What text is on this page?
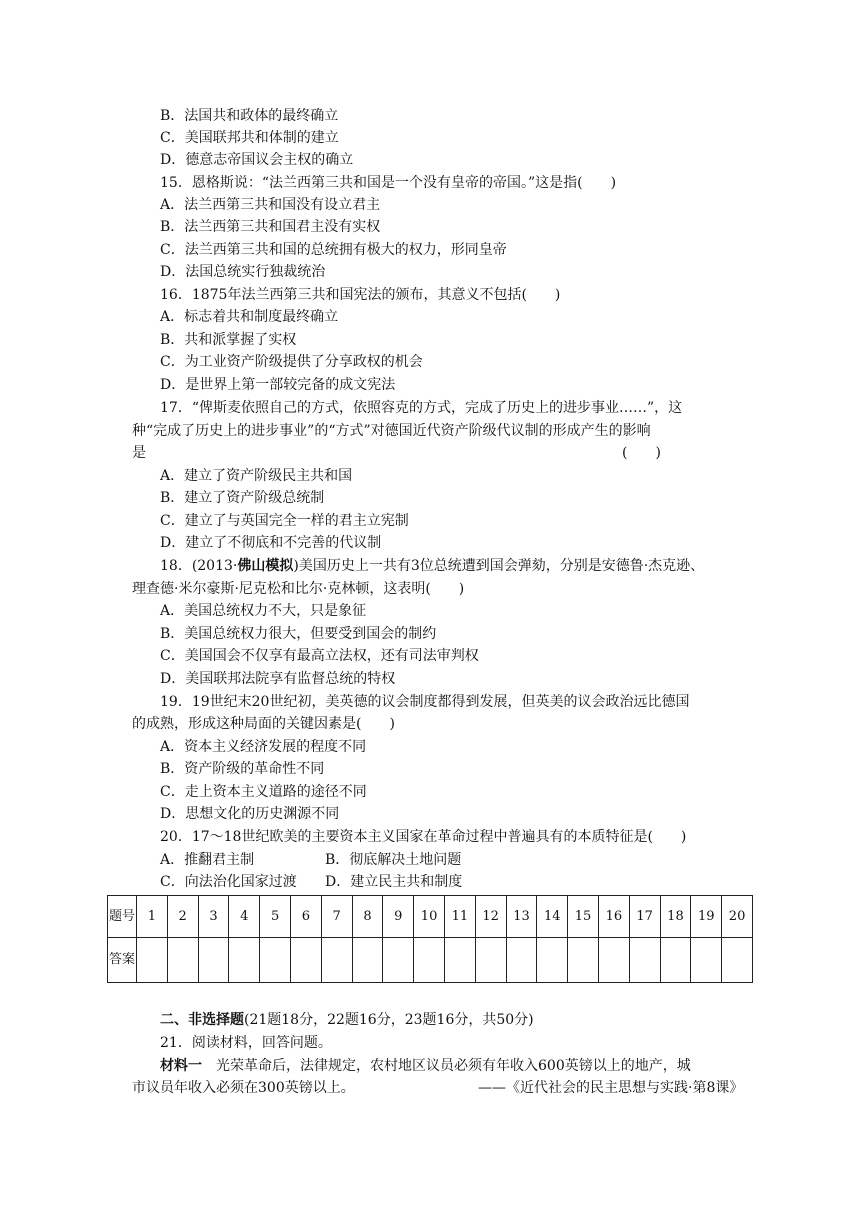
B．法国共和政体的最终确立
C．美国联邦共和体制的建立
D．德意志帝国议会主权的确立
15．恩格斯说：“法兰西第三共和国是一个没有皇帝的帝国。”这是指(　　)
A．法兰西第三共和国没有设立君主
B．法兰西第三共和国君主没有实权
C．法兰西第三共和国的总统拥有极大的权力，形同皇帝
D．法国总统实行独裁统治
16．1875年法兰西第三共和国宪法的颁布，其意义不包括(　　)
A．标志着共和制度最终确立
B．共和派掌握了实权
C．为工业资产阶级提供了分享政权的机会
D．是世界上第一部较完备的成文宪法
17．“俾斯麦依照自己的方式，依照容克的方式，完成了历史上的进步事业……”，这
种“完成了历史上的进步事业”的“方式”对德国近代资产阶级代议制的形成产生的影响
是	(　　)
A．建立了资产阶级民主共和国
B．建立了资产阶级总统制
C．建立了与英国完全一样的君主立宪制
D．建立了不彻底和不完善的代议制
18．(2013·佛山模拟)美国历史上一共有3位总统遭到国会弹劾，分别是安德鲁·杰克逊、
理查德·米尔豪斯·尼克松和比尔·克林顿，这表明(　　)
A．美国总统权力不大，只是象征
B．美国总统权力很大，但要受到国会的制约
C．美国国会不仅享有最高立法权，还有司法审判权
D．美国联邦法院享有监督总统的特权
19．19世纪末20世纪初，美英德的议会制度都得到发展，但英美的议会政治远比德国
的成熟，形成这种局面的关键因素是(　　)
A．资本主义经济发展的程度不同
B．资产阶级的革命性不同
C．走上资本主义道路的途径不同
D．思想文化的历史渊源不同
20．17～18世纪欧美的主要资本主义国家在革命过程中普遍具有的本质特征是(　　)
A．推翻君主制	B．彻底解决土地问题
C．向法治化国家过渡 D．建立民主共和制度
题号	1	2	3	4	5	6	7	8	9	10	11	12	13	14	15	16	17	18	19	20
答案																				
二、非选择题(21题18分，22题16分，23题16分，共50分)
21．阅读材料，回答问题。
材料一　光荣革命后，法律规定，农村地区议员必须有年收入600英镑以上的地产，城
市议员年收入必须在300英镑以上。	——《近代社会的民主思想与实践·第8课》
